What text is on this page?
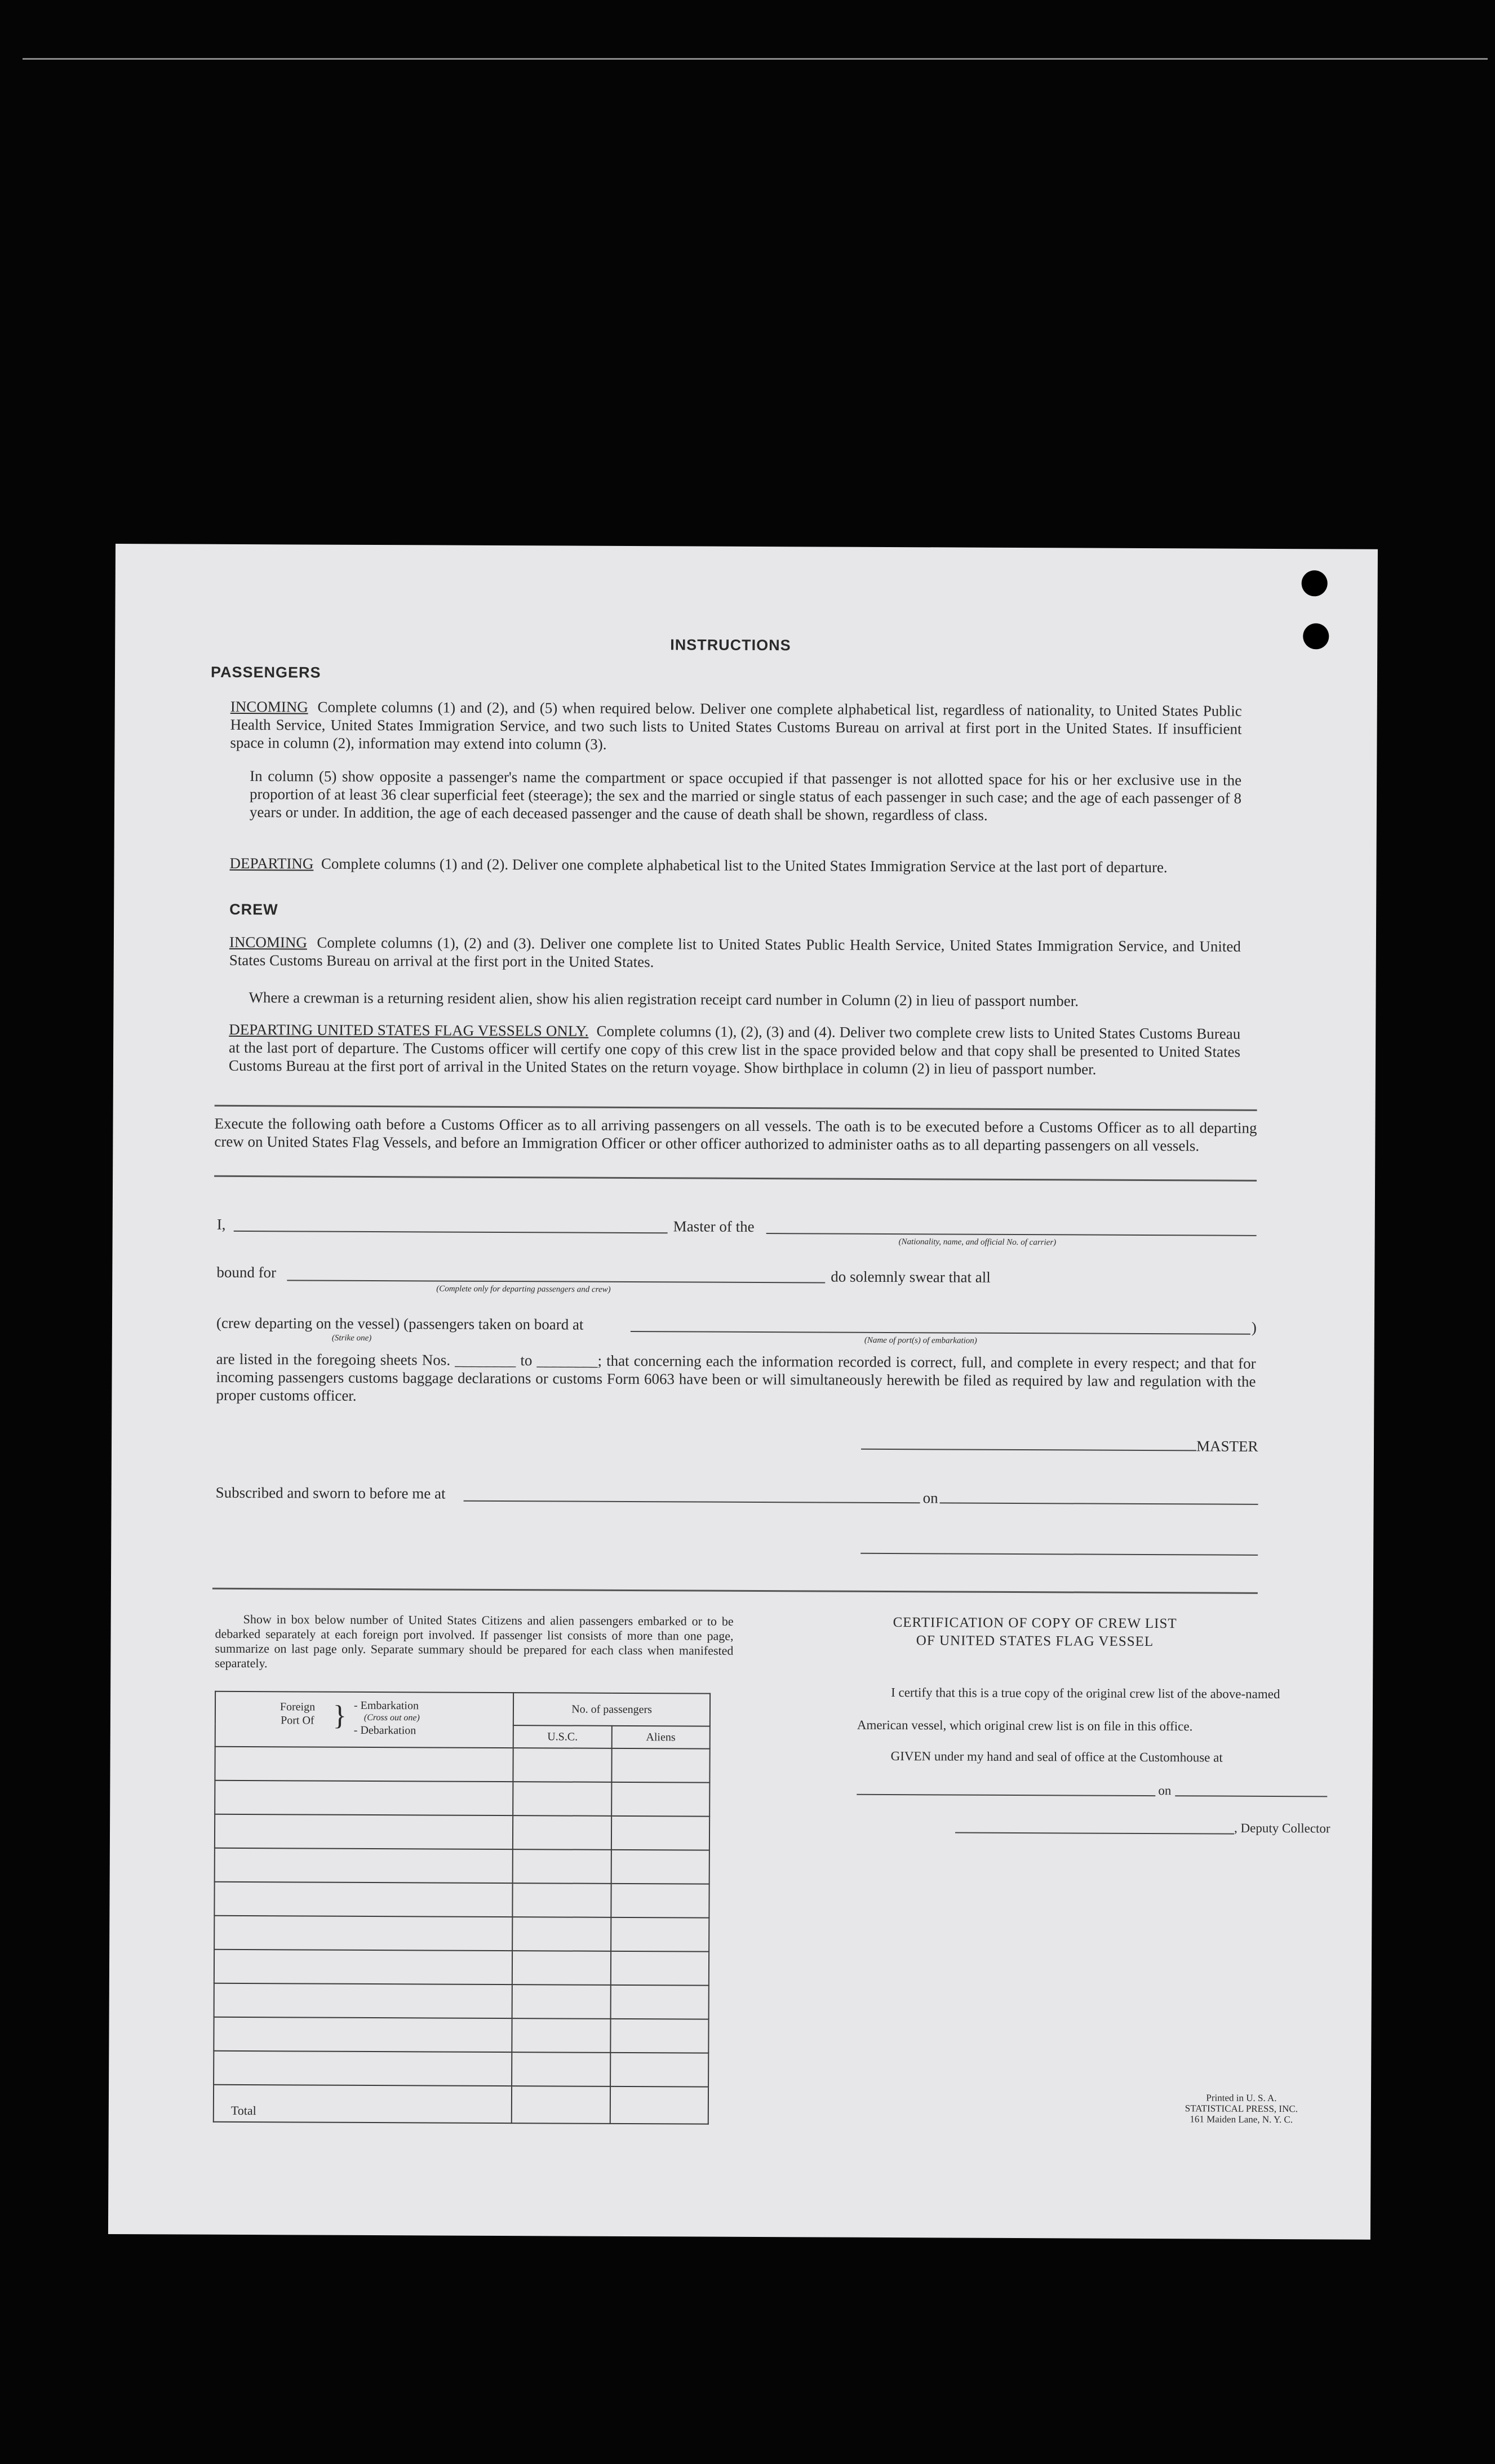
INSTRUCTIONS
PASSENGERS
INCOMING Complete columns (1) and (2), and (5) when required below. Deliver one complete alphabetical list, regardless of nationality, to United States Public Health Service, United States Immigration Service, and two such lists to United States Customs Bureau on arrival at first port in the United States. If insufficient space in column (2), information may extend into column (3).
In column (5) show opposite a passenger's name the compartment or space occupied if that passenger is not allotted space for his or her exclusive use in the proportion of at least 36 clear superficial feet (steerage); the sex and the married or single status of each passenger in such case; and the age of each passenger of 8 years or under. In addition, the age of each deceased passenger and the cause of death shall be shown, regardless of class.
DEPARTING Complete columns (1) and (2). Deliver one complete alphabetical list to the United States Immigration Service at the last port of departure.
CREW
INCOMING Complete columns (1), (2) and (3). Deliver one complete list to United States Public Health Service, United States Immigration Service, and United States Customs Bureau on arrival at the first port in the United States.
Where a crewman is a returning resident alien, show his alien registration receipt card number in Column (2) in lieu of passport number.
DEPARTING UNITED STATES FLAG VESSELS ONLY. Complete columns (1), (2), (3) and (4). Deliver two complete crew lists to United States Customs Bureau at the last port of departure. The Customs officer will certify one copy of this crew list in the space provided below and that copy shall be presented to United States Customs Bureau at the first port of arrival in the United States on the return voyage. Show birthplace in column (2) in lieu of passport number.
Execute the following oath before a Customs Officer as to all arriving passengers on all vessels. The oath is to be executed before a Customs Officer as to all departing crew on United States Flag Vessels, and before an Immigration Officer or other officer authorized to administer oaths as to all departing passengers on all vessels.
I,	Master of the
(Nationality, name, and official No. of carrier)
bound for
(Complete only for departing passengers and crew)
do solemnly swear that all
(crew departing on the vessel) (passengers taken on board at	)
(Strike one)	(Name of port(s) of embarkation)
are listed in the foregoing sheets Nos. ________ to ________; that concerning each the information recorded is correct, full, and complete in every respect; and that for incoming passengers customs baggage declarations or customs Form 6063 have been or will simultaneously herewith be filed as required by law and regulation with the proper customs officer.
MASTER
Subscribed and sworn to before me at	on
Show in box below number of United States Citizens and alien passengers embarked or to be debarked separately at each foreign port involved. If passenger list consists of more than one page, summarize on last page only. Separate summary should be prepared for each class when manifested separately.
Foreign Port Of } - Embarkation
(Cross out one)
- Debarkation	No. of passengers	
	U.S.C.	Aliens

Total		
CERTIFICATION OF COPY OF CREW LIST
OF UNITED STATES FLAG VESSEL
I certify that this is a true copy of the original crew list of the above-named
American vessel, which original crew list is on file in this office.
GIVEN under my hand and seal of office at the Customhouse at
on
, Deputy Collector
Printed in U. S. A.
STATISTICAL PRESS, INC.
161 Maiden Lane, N. Y. C.
